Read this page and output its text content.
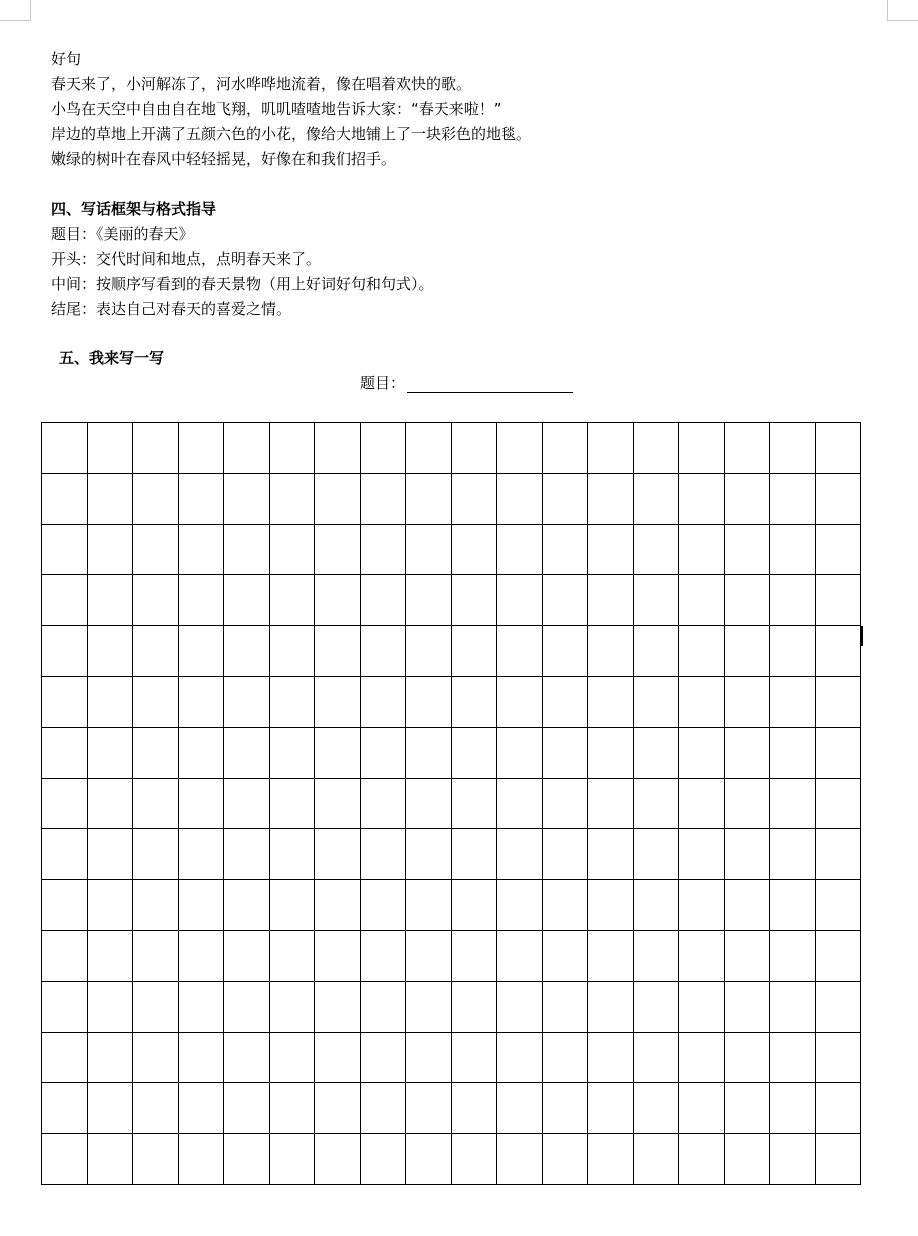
好句
春天来了，小河解冻了，河水哗哗地流着，像在唱着欢快的歌。
小鸟在天空中自由自在地飞翔，叽叽喳喳地告诉大家：“春天来啦！”
岸边的草地上开满了五颜六色的小花，像给大地铺上了一块彩色的地毯。
嫩绿的树叶在春风中轻轻摇晃，好像在和我们招手。
四、写话框架与格式指导
题目：《美丽的春天》
开头：交代时间和地点，点明春天来了。
中间：按顺序写看到的春天景物（用上好词好句和句式）。
结尾：表达自己对春天的喜爱之情。
五、我来写一写
题目：
